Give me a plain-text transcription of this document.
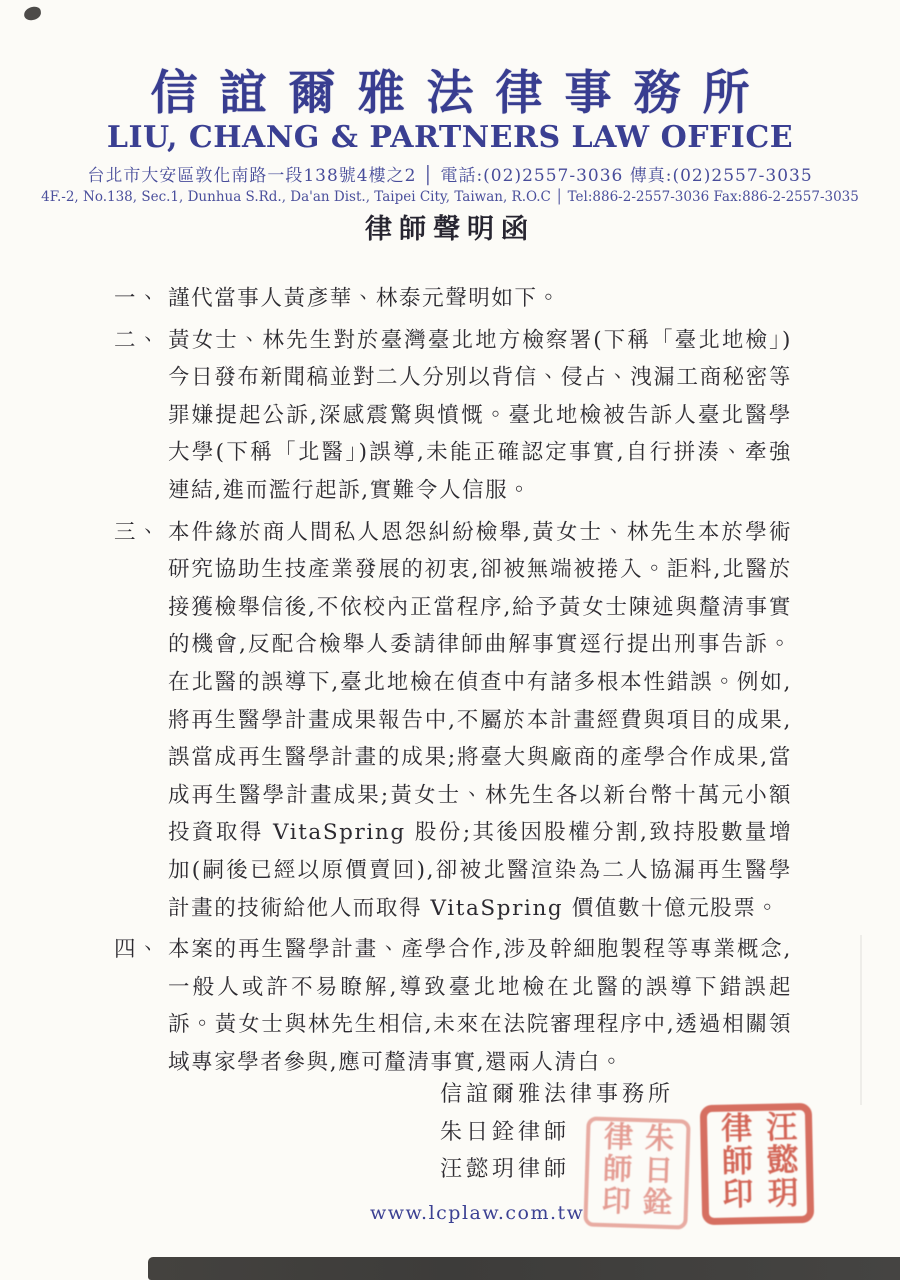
信誼爾雅法律事務所
LIU, CHANG & PARTNERS LAW OFFICE
台北市大安區敦化南路一段138號4樓之2 │ 電話:(02)2557-3036 傳真:(02)2557-3035
4F.-2, No.138, Sec.1, Dunhua S.Rd., Da'an Dist., Taipei City, Taiwan, R.O.C │ Tel:886-2-2557-3036 Fax:886-2-2557-3035
律師聲明函
一、 謹代當事人黃彥華、林泰元聲明如下。
二、 黃女士、林先生對於臺灣臺北地方檢察署(下稱「臺北地檢」)今日發布新聞稿並對二人分別以背信、侵占、洩漏工商秘密等罪嫌提起公訴,深感震驚與憤慨。臺北地檢被告訴人臺北醫學大學(下稱「北醫」)誤導,未能正確認定事實,自行拼湊、牽強連結,進而濫行起訴,實難令人信服。
三、 本件緣於商人間私人恩怨糾紛檢舉,黃女士、林先生本於學術研究協助生技產業發展的初衷,卻被無端被捲入。詎料,北醫於接獲檢舉信後,不依校內正當程序,給予黃女士陳述與釐清事實的機會,反配合檢舉人委請律師曲解事實逕行提出刑事告訴。在北醫的誤導下,臺北地檢在偵查中有諸多根本性錯誤。例如,將再生醫學計畫成果報告中,不屬於本計畫經費與項目的成果,誤當成再生醫學計畫的成果;將臺大與廠商的產學合作成果,當成再生醫學計畫成果;黃女士、林先生各以新台幣十萬元小額投資取得 VitaSpring 股份;其後因股權分割,致持股數量增加(嗣後已經以原價賣回),卻被北醫渲染為二人協漏再生醫學計畫的技術給他人而取得 VitaSpring 價值數十億元股票。
四、 本案的再生醫學計畫、產學合作,涉及幹細胞製程等專業概念,一般人或許不易瞭解,導致臺北地檢在北醫的誤導下錯誤起訴。黃女士與林先生相信,未來在法院審理程序中,透過相關領域專家學者參與,應可釐清事實,還兩人清白。
信誼爾雅法律事務所
朱日銓律師
汪懿玥律師	朱日銓律師印	汪懿玥律師印
www.lcplaw.com.tw
